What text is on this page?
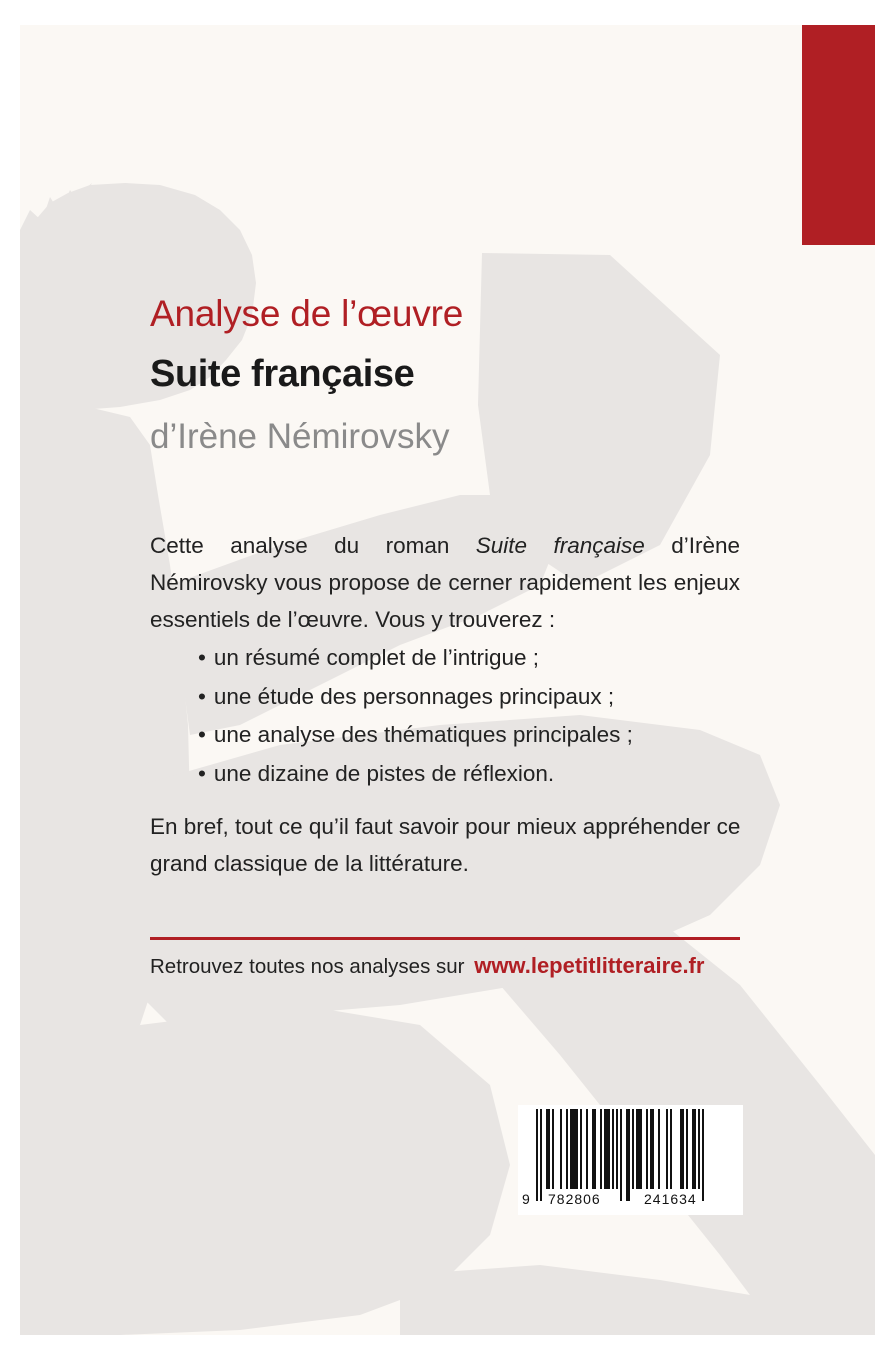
Analyse de l’œuvre
Suite française
d’Irène Némirovsky

Cette analyse du roman Suite française d’Irène Némirovsky vous propose de cerner rapidement les enjeux essentiels de l’œuvre. Vous y trouverez :

• un résumé complet de l’intrigue ;
• une étude des personnages principaux ;
• une analyse des thématiques principales ;
• une dizaine de pistes de réflexion.

En bref, tout ce qu’il faut savoir pour mieux appréhender ce grand classique de la littérature.

Retrouvez toutes nos analyses sur www.lepetitlitteraire.fr
9 782806	241634
